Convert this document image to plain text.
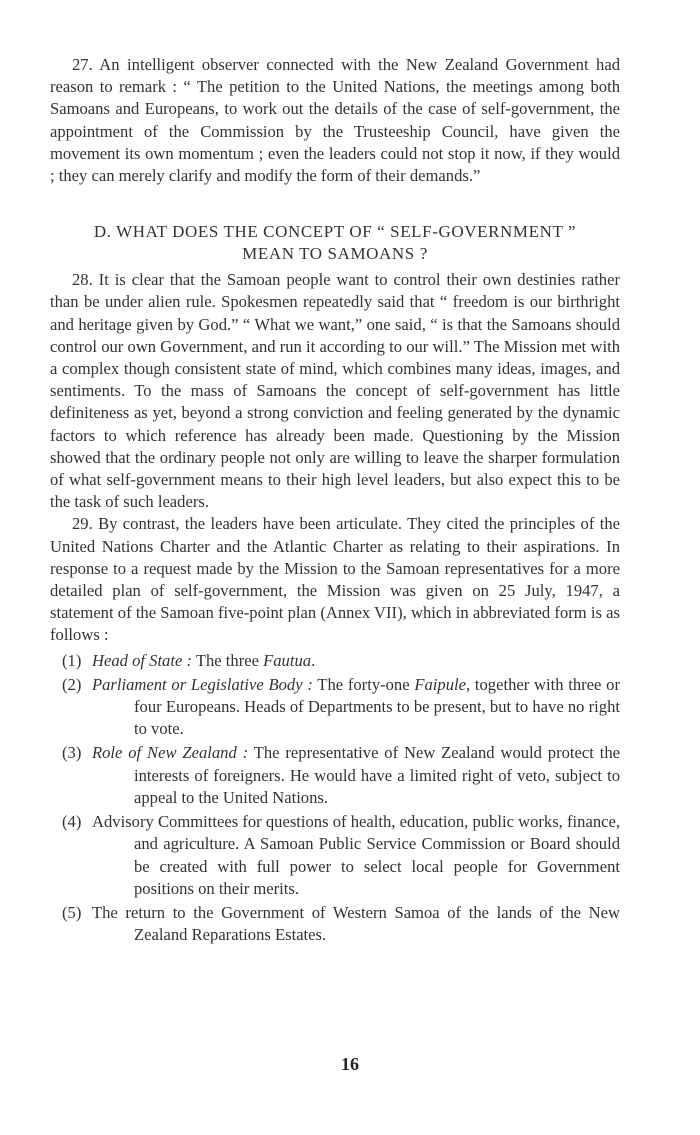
27. An intelligent observer connected with the New Zealand Government had reason to remark : “ The petition to the United Nations, the meetings among both Samoans and Europeans, to work out the details of the case of self-government, the appointment of the Commission by the Trusteeship Council, have given the movement its own momentum ; even the leaders could not stop it now, if they would ; they can merely clarify and modify the form of their demands.”

D. WHAT DOES THE CONCEPT OF “ SELF-GOVERNMENT ”
MEAN TO SAMOANS ?

28. It is clear that the Samoan people want to control their own destinies rather than be under alien rule. Spokesmen repeatedly said that “ freedom is our birthright and heritage given by God.” “ What we want,” one said, “ is that the Samoans should control our own Government, and run it according to our will.” The Mission met with a complex though consistent state of mind, which combines many ideas, images, and sentiments. To the mass of Samoans the concept of self-government has little definiteness as yet, beyond a strong conviction and feeling generated by the dynamic factors to which reference has already been made. Questioning by the Mission showed that the ordinary people not only are willing to leave the sharper formulation of what self-government means to their high level leaders, but also expect this to be the task of such leaders.

29. By contrast, the leaders have been articulate. They cited the principles of the United Nations Charter and the Atlantic Charter as relating to their aspirations. In response to a request made by the Mission to the Samoan representatives for a more detailed plan of self-government, the Mission was given on 25 July, 1947, a statement of the Samoan five-point plan (Annex VII), which in abbreviated form is as follows :

(1) Head of State : The three Fautua.
(2) Parliament or Legislative Body : The forty-one Faipule, together with three or four Europeans. Heads of Departments to be present, but to have no right to vote.
(3) Role of New Zealand : The representative of New Zealand would protect the interests of foreigners. He would have a limited right of veto, subject to appeal to the United Nations.
(4) Advisory Committees for questions of health, education, public works, finance, and agriculture. A Samoan Public Service Commission or Board should be created with full power to select local people for Government positions on their merits.
(5) The return to the Government of Western Samoa of the lands of the New Zealand Reparations Estates.
16
